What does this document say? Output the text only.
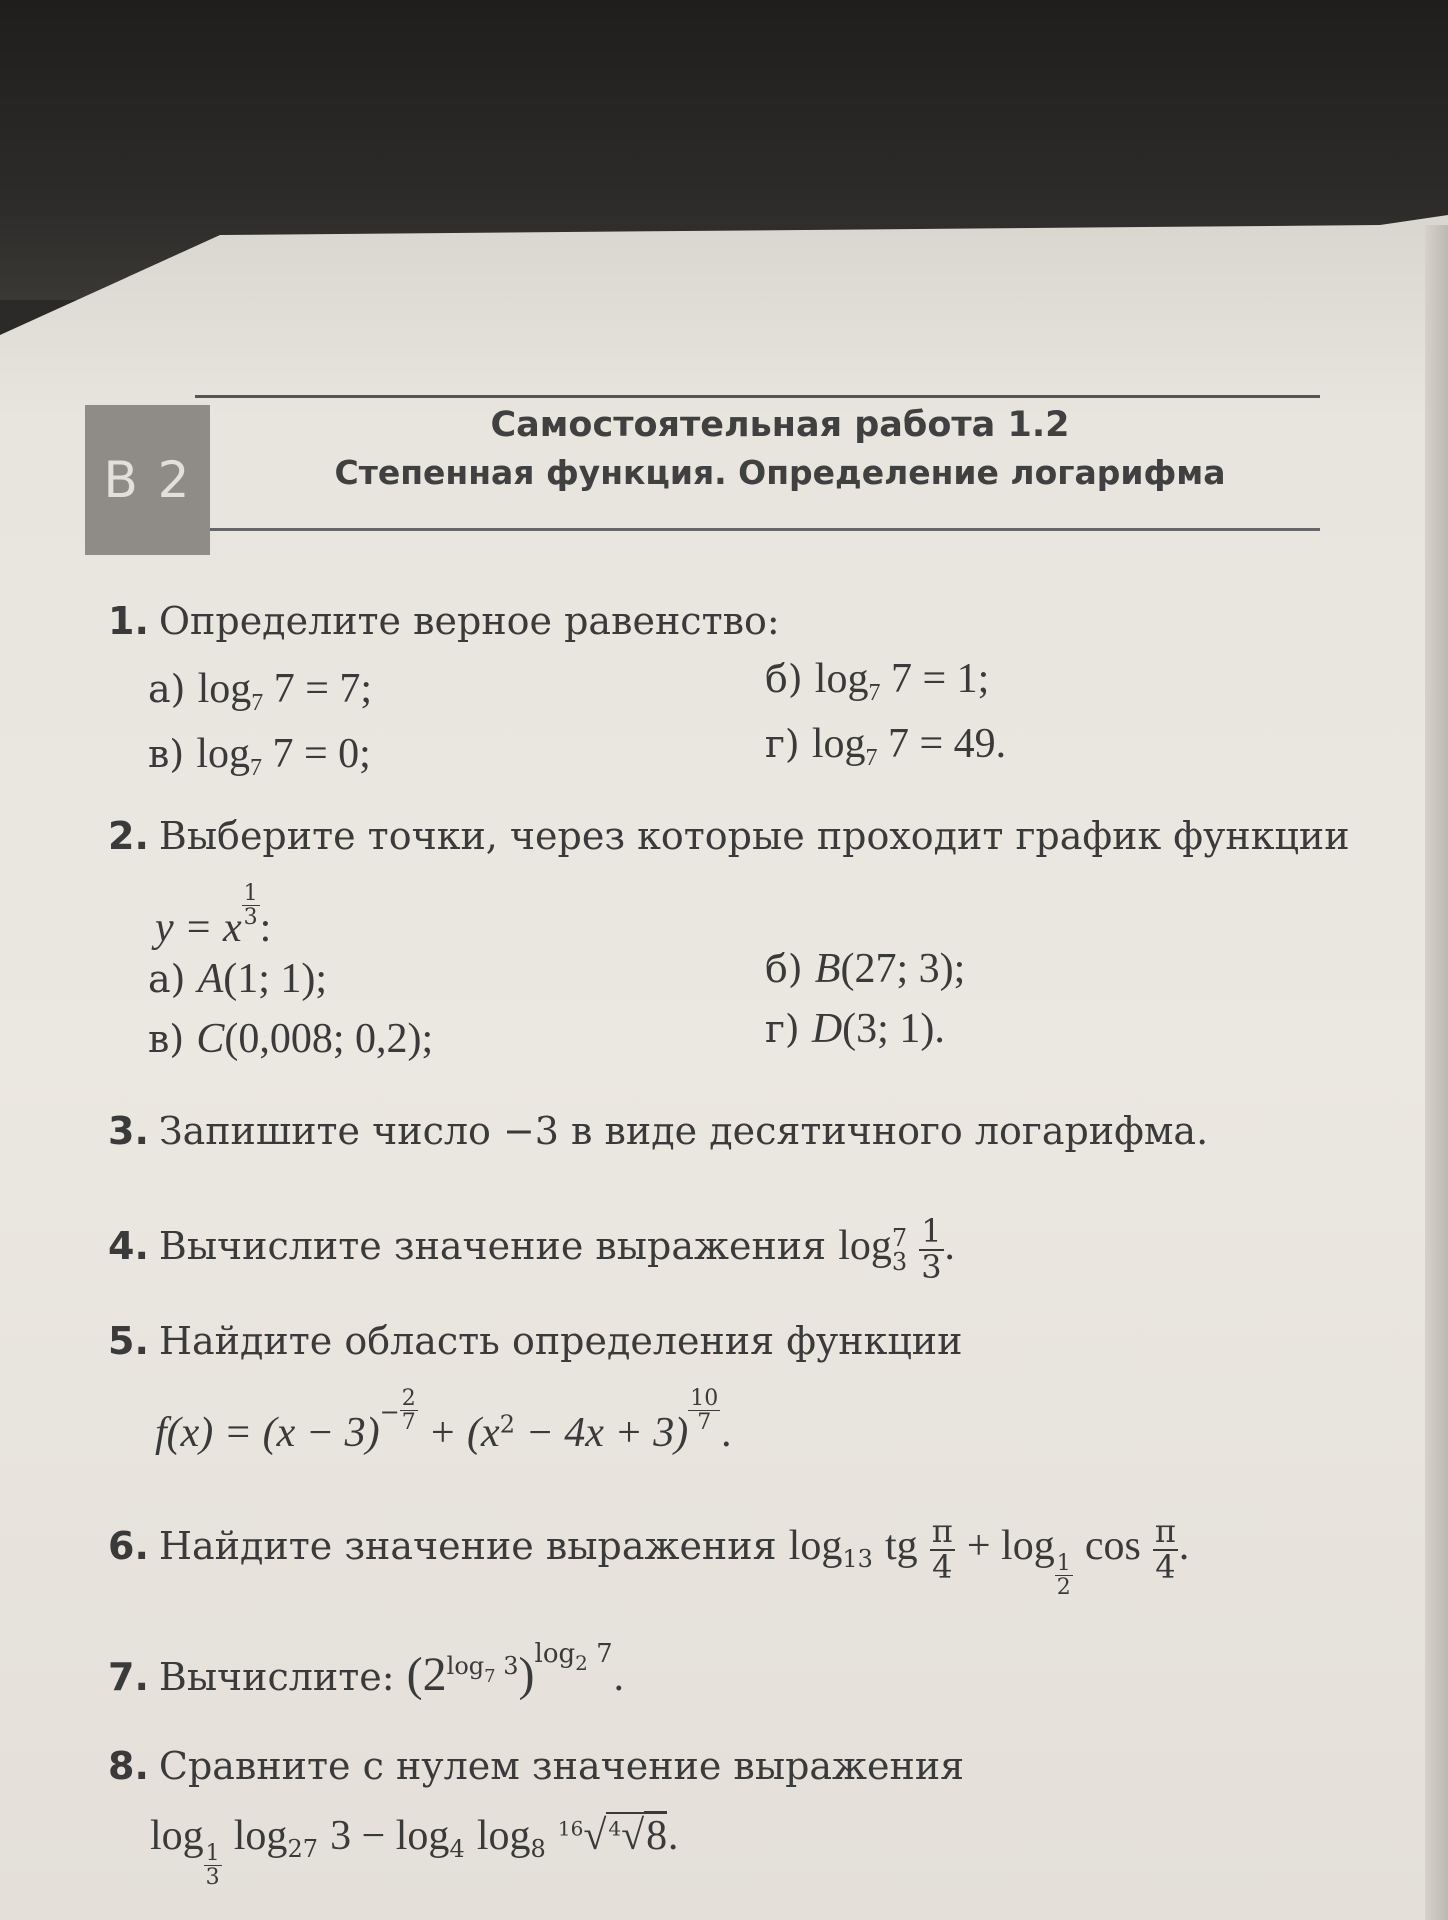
В 2
Самостоятельная работа 1.2
Степенная функция. Определение логарифма
1. Определите верное равенство:
а) $\log_7 7 = 7$;	б) $\log_7 7 = 1$;
в) $\log_7 7 = 0$;	г) $\log_7 7 = 49$.
2. Выберите точки, через которые проходит график функции
y = x $\frac{1}{3}$ :
а) A(1; 1);	б) B(27; 3);
в) C(0,008; 0,2);	г) D(3; 1).
3. Запишите число −3 в виде десятичного логарифма.
4. Вычислите значение выражения log 7
3
$\frac{1}{3}$ .
5. Найдите область определения функции
$f(x) = (x - 3)- \frac{2}{7} + (x^2 - 4x + 3) \frac{10}{7}$ .
6. Найдите значение выражения $\log_{13}$ tg $\frac{\pi}{4} + \log$
$\frac{1}{2}$
$\cos \frac{\pi}{4}$ .
7. Вычислите: $(2^{log_7 3})^{log_2 7}$.
8. Сравните с нулем значение выражения
log
$\frac{1}{3}$
$\log_{27} 3 - \log_4 \log_8 ^{16}√$ $^4$√8.
